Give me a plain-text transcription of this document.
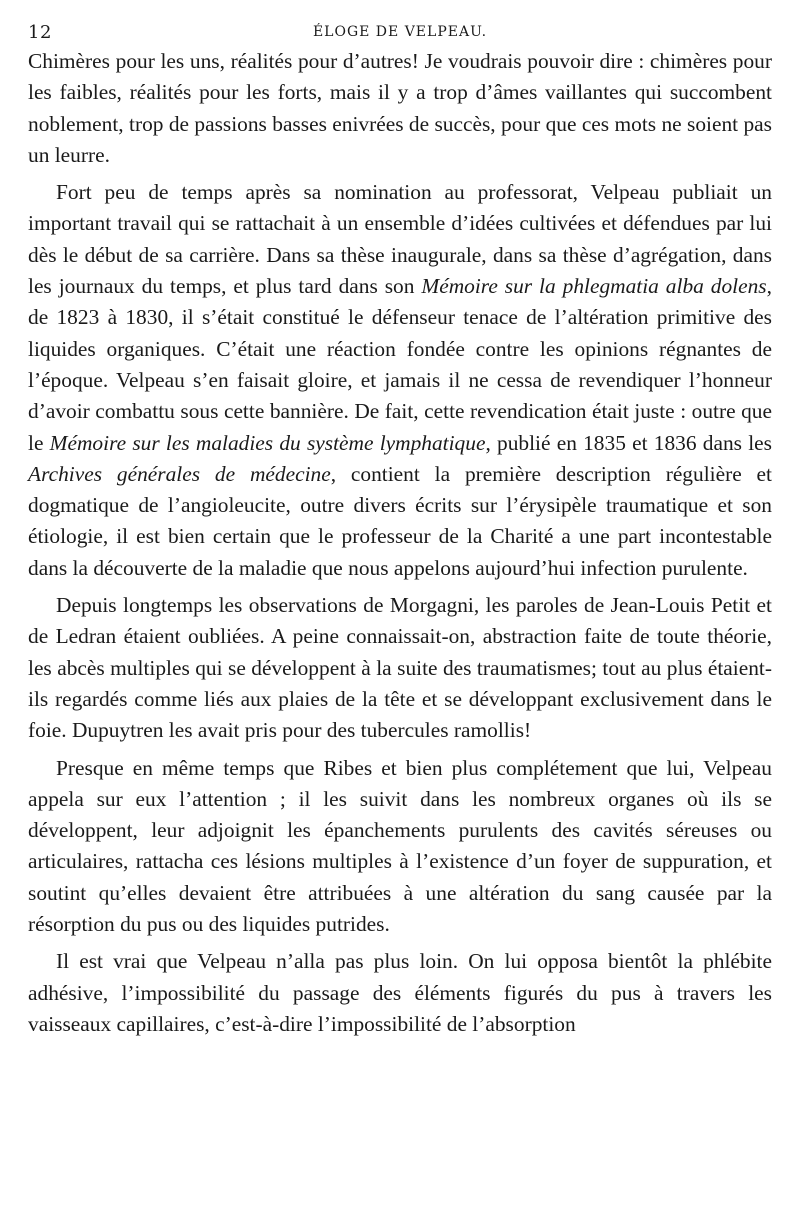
12	ÉLOGE DE VELPEAU.

Chimères pour les uns, réalités pour d’autres! Je voudrais pouvoir dire : chimères pour les faibles, réalités pour les forts, mais il y a trop d’âmes vaillantes qui succombent noblement, trop de passions basses enivrées de succès, pour que ces mots ne soient pas un leurre.

Fort peu de temps après sa nomination au professorat, Velpeau publiait un important travail qui se rattachait à un ensemble d’idées cultivées et défendues par lui dès le début de sa carrière. Dans sa thèse inaugurale, dans sa thèse d’agrégation, dans les journaux du temps, et plus tard dans son Mémoire sur la phlegmatia alba dolens, de 1823 à 1830, il s’était constitué le défenseur tenace de l’altération primitive des liquides organiques. C’était une réaction fondée contre les opinions régnantes de l’époque. Velpeau s’en faisait gloire, et jamais il ne cessa de revendiquer l’honneur d’avoir combattu sous cette bannière. De fait, cette revendication était juste : outre que le Mémoire sur les maladies du système lymphatique, publié en 1835 et 1836 dans les Archives générales de médecine, contient la première description régulière et dogmatique de l’angioleucite, outre divers écrits sur l’érysipèle traumatique et son étiologie, il est bien certain que le professeur de la Charité a une part incontestable dans la découverte de la maladie que nous appelons aujourd’hui infection purulente.

Depuis longtemps les observations de Morgagni, les paroles de Jean-Louis Petit et de Ledran étaient oubliées. A peine connaissait-on, abstraction faite de toute théorie, les abcès multiples qui se développent à la suite des traumatismes; tout au plus étaient-ils regardés comme liés aux plaies de la tête et se développant exclusivement dans le foie. Dupuytren les avait pris pour des tubercules ramollis!

Presque en même temps que Ribes et bien plus complétement que lui, Velpeau appela sur eux l’attention ; il les suivit dans les nombreux organes où ils se développent, leur adjoignit les épanchements purulents des cavités séreuses ou articulaires, rattacha ces lésions multiples à l’existence d’un foyer de suppuration, et soutint qu’elles devaient être attribuées à une altération du sang causée par la résorption du pus ou des liquides putrides.

Il est vrai que Velpeau n’alla pas plus loin. On lui opposa bientôt la phlébite adhésive, l’impossibilité du passage des éléments figurés du pus à travers les vaisseaux capillaires, c’est-à-dire l’impossibilité de l’absorption
